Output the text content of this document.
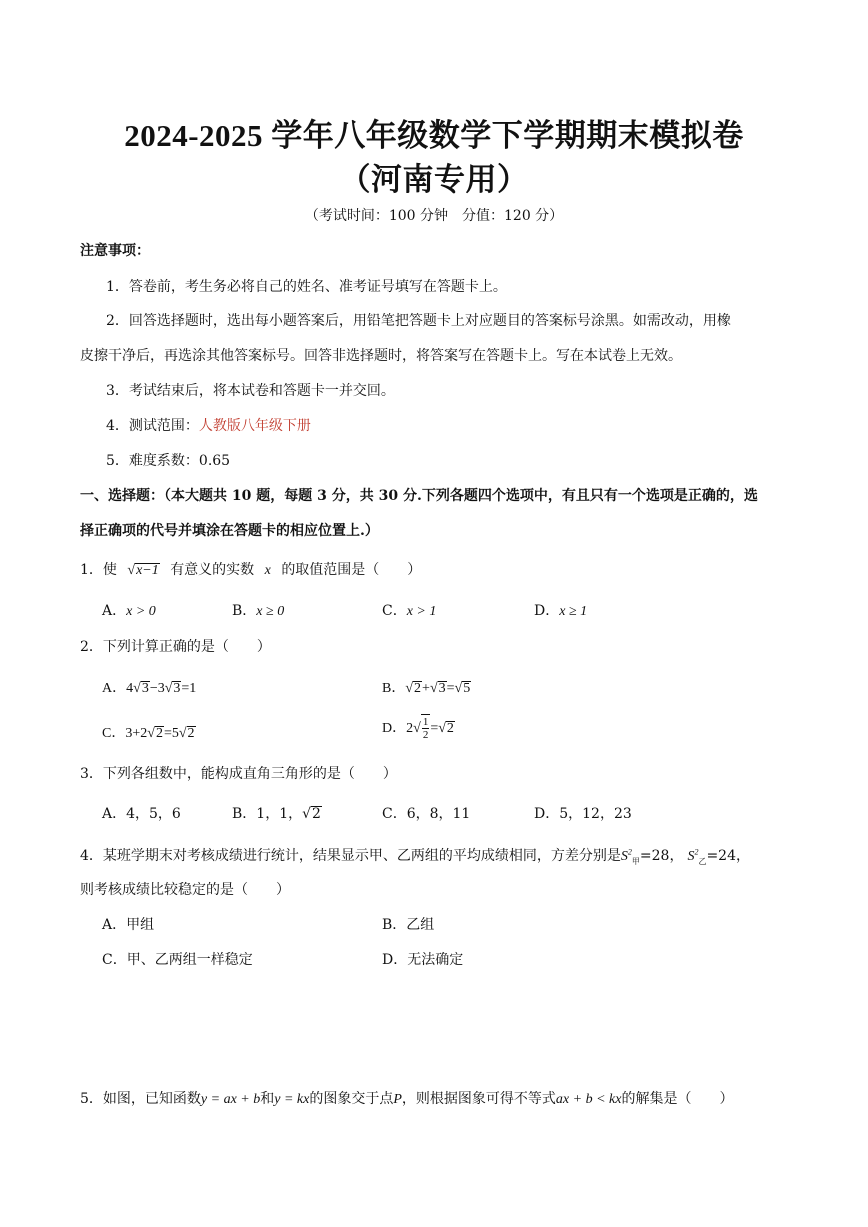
2024-2025 学年八年级数学下学期期末模拟卷
（河南专用）
（考试时间：100 分钟　分值：120 分）
注意事项：
1．答卷前，考生务必将自己的姓名、准考证号填写在答题卡上。
2．回答选择题时，选出每小题答案后，用铅笔把答题卡上对应题目的答案标号涂黑。如需改动，用橡
皮擦干净后，再选涂其他答案标号。回答非选择题时，将答案写在答题卡上。写在本试卷上无效。
3．考试结束后，将本试卷和答题卡一并交回。
4．测试范围：人教版八年级下册
5．难度系数：0.65
一、选择题：（本大题共 10 题，每题 3 分，共 30 分.下列各题四个选项中，有且只有一个选项是正确的，选
择正确项的代号并填涂在答题卡的相应位置上.）
1．使 √x−1 有意义的实数 x 的取值范围是（　　）
A．x > 0	B．x ≥ 0	C．x > 1	D．x ≥ 1
2．下列计算正确的是（　　）
A．4√3−3√3=1	B．√2+√3=√5
C．3+2√2=5√2	D．$2√ \frac{1}{2} =√2$
3．下列各组数中，能构成直角三角形的是（　　）
A．4，5，6	B．1，1，√2	C．6，8，11	D．5，12，23
4．某班学期末对考核成绩进行统计，结果显示甲、乙两组的平均成绩相同，方差分别是$S^2_甲=28$， $S^2_乙=24$，
则考核成绩比较稳定的是（　　）
A．甲组	B．乙组
C．甲、乙两组一样稳定	D．无法确定
5．如图，已知函数y = ax + b和y = kx的图象交于点P，则根据图象可得不等式ax + b < kx的解集是（　　）
